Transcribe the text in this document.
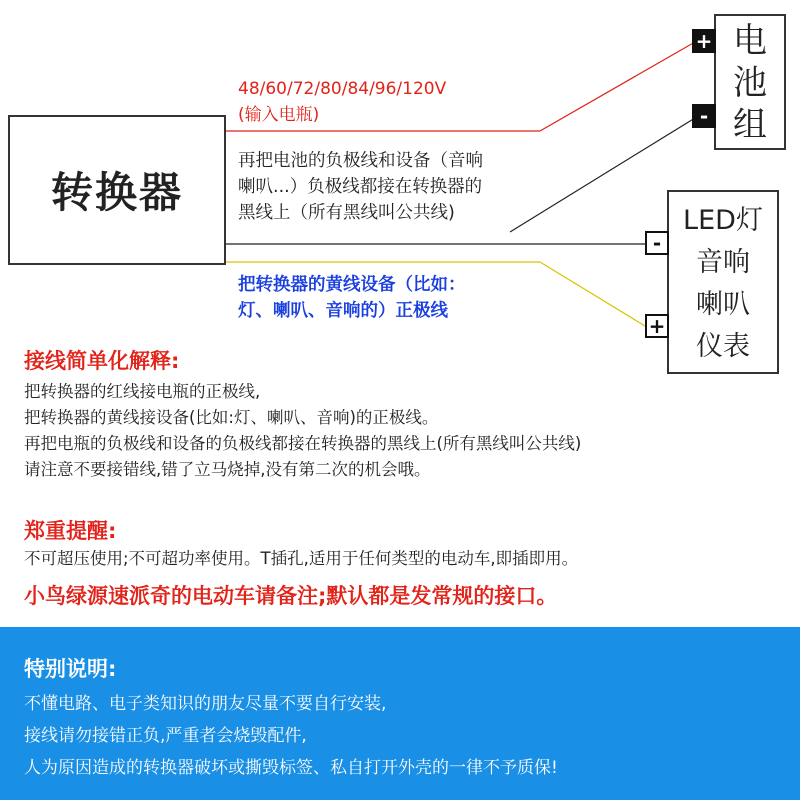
转换器
电
池
组
+
-
LED灯
音响
喇叭
仪表
-
+
48/60/72/80/84/96/120V
(输入电瓶)
再把电池的负极线和设备（音响
喇叭...）负极线都接在转换器的
黑线上（所有黑线叫公共线)
把转换器的黄线设备（比如：
灯、喇叭、音响的）正极线
接线简单化解释:
把转换器的红线接电瓶的正极线,
把转换器的黄线接设备(比如:灯、喇叭、音响)的正极线。
再把电瓶的负极线和设备的负极线都接在转换器的黑线上(所有黑线叫公共线)
请注意不要接错线,错了立马烧掉,没有第二次的机会哦。
郑重提醒:
不可超压使用;不可超功率使用。T插孔,适用于任何类型的电动车,即插即用。
小鸟绿源速派奇的电动车请备注;默认都是发常规的接口。
特别说明:
不懂电路、电子类知识的朋友尽量不要自行安装,
接线请勿接错正负,严重者会烧毁配件,
人为原因造成的转换器破坏或撕毁标签、私自打开外壳的一律不予质保!
